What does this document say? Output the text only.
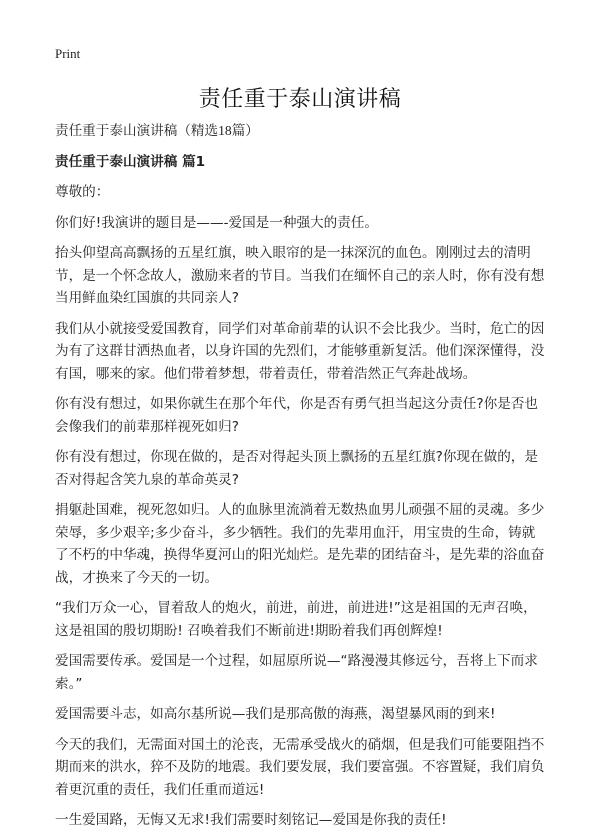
Print
责任重于泰山演讲稿

责任重于泰山演讲稿（精选18篇）

责任重于泰山演讲稿 篇1

尊敬的：

你们好!我演讲的题目是——-爱国是一种强大的责任。

抬头仰望高高飘扬的五星红旗，映入眼帘的是一抹深沉的血色。刚刚过去的清明节，是一个怀念故人，激励来者的节目。当我们在缅怀自己的亲人时，你有没有想当用鲜血染红国旗的共同亲人?

我们从小就接受爱国教育，同学们对革命前辈的认识不会比我少。当时，危亡的因为有了这群甘洒热血者，以身许国的先烈们，才能够重新复活。他们深深懂得，没有国，哪来的家。他们带着梦想，带着责任，带着浩然正气奔赴战场。

你有没有想过，如果你就生在那个年代，你是否有勇气担当起这分责任?你是否也会像我们的前辈那样视死如归?

你有没有想过，你现在做的，是否对得起头顶上飘扬的五星红旗?你现在做的，是否对得起含笑九泉的革命英灵?

捐躯赴国难，视死忽如归。人的血脉里流淌着无数热血男儿顽强不屈的灵魂。多少荣辱，多少艰辛;多少奋斗，多少牺牲。我们的先辈用血汗，用宝贵的生命，铸就了不朽的中华魂，换得华夏河山的阳光灿烂。是先辈的团结奋斗，是先辈的浴血奋战，才换来了今天的一切。

“我们万众一心，冒着敌人的炮火，前进，前进，前进进!”这是祖国的无声召唤，这是祖国的殷切期盼! 召唤着我们不断前进!期盼着我们再创辉煌!

爱国需要传承。爱国是一个过程，如屈原所说—“路漫漫其修远兮，吾将上下而求索。”

爱国需要斗志，如高尔基所说—我们是那高傲的海燕，渴望暴风雨的到来!

今天的我们，无需面对国土的沦丧，无需承受战火的硝烟，但是我们可能要阻挡不期而来的洪水，猝不及防的地震。我们要发展，我们要富强。不容置疑，我们肩负着更沉重的责任，我们任重而道远!

一生爱国路，无悔又无求!我们需要时刻铭记—爱国是你我的责任!
